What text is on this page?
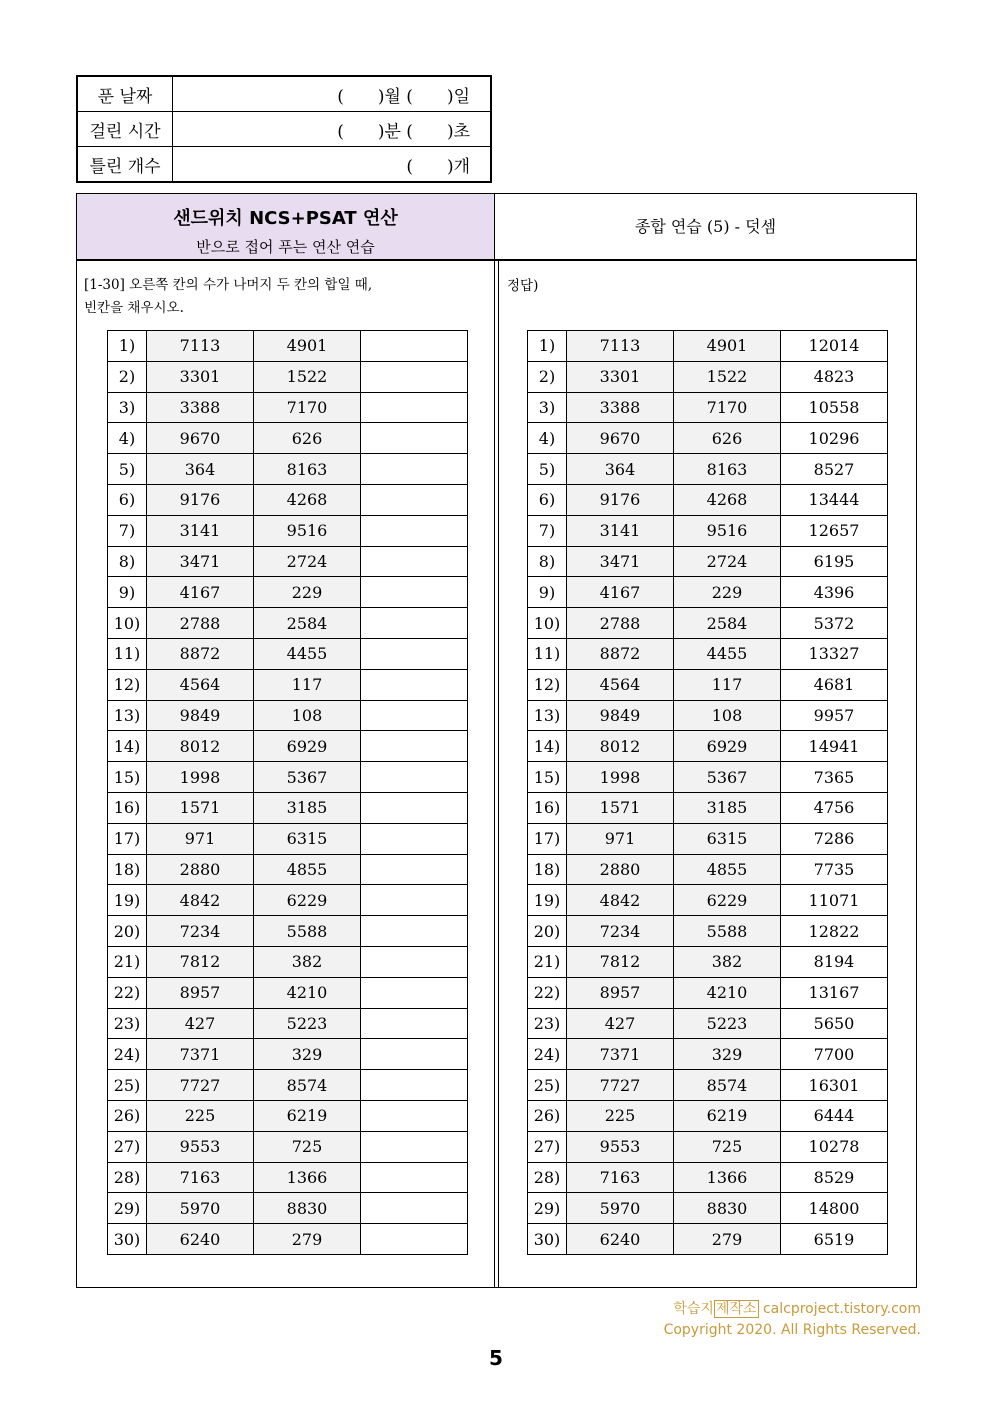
푼 날짜	(　　)월 (　　)일
걸린 시간	(　　)분 (　　)초
틀린 개수	(　　)개
샌드위치 NCS+PSAT 연산
반으로 접어 푸는 연산 연습
종합 연습 (5) - 덧셈
[1-30] 오른쪽 칸의 수가 나머지 두 칸의 합일 때,
빈칸을 채우시오.
정답)
1)	7113	4901	
2)	3301	1522	
3)	3388	7170	
4)	9670	626	
5)	364	8163	
6)	9176	4268	
7)	3141	9516	
8)	3471	2724	
9)	4167	229	
10)	2788	2584	
11)	8872	4455	
12)	4564	117	
13)	9849	108	
14)	8012	6929	
15)	1998	5367	
16)	1571	3185	
17)	971	6315	
18)	2880	4855	
19)	4842	6229	
20)	7234	5588	
21)	7812	382	
22)	8957	4210	
23)	427	5223	
24)	7371	329	
25)	7727	8574	
26)	225	6219	
27)	9553	725	
28)	7163	1366	
29)	5970	8830	
30)	6240	279	
1)	7113	4901	12014
2)	3301	1522	4823
3)	3388	7170	10558
4)	9670	626	10296
5)	364	8163	8527
6)	9176	4268	13444
7)	3141	9516	12657
8)	3471	2724	6195
9)	4167	229	4396
10)	2788	2584	5372
11)	8872	4455	13327
12)	4564	117	4681
13)	9849	108	9957
14)	8012	6929	14941
15)	1998	5367	7365
16)	1571	3185	4756
17)	971	6315	7286
18)	2880	4855	7735
19)	4842	6229	11071
20)	7234	5588	12822
21)	7812	382	8194
22)	8957	4210	13167
23)	427	5223	5650
24)	7371	329	7700
25)	7727	8574	16301
26)	225	6219	6444
27)	9553	725	10278
28)	7163	1366	8529
29)	5970	8830	14800
30)	6240	279	6519
학습지 제작소 calcproject.tistory.com
Copyright 2020. All Rights Reserved.
5
